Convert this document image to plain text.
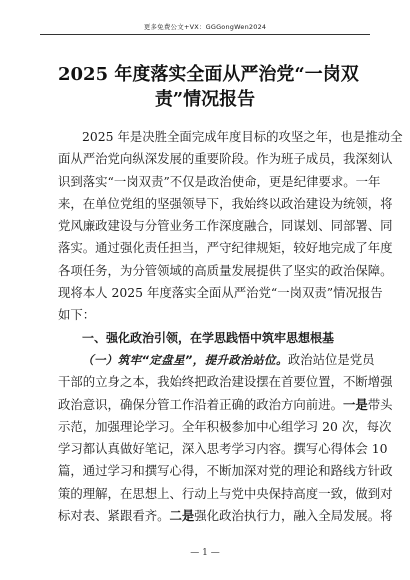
更多免费公文+VX：GGGongWen2024
2025 年度落实全面从严治党“一岗双
责”情况报告
2025 年是决胜全面完成年度目标的攻坚之年，也是推动全
面从严治党向纵深发展的重要阶段。作为班子成员，我深刻认
识到落实“一岗双责”不仅是政治使命，更是纪律要求。一年
来，在单位党组的坚强领导下，我始终以政治建设为统领，将
党风廉政建设与分管业务工作深度融合，同谋划、同部署、同
落实。通过强化责任担当，严守纪律规矩，较好地完成了年度
各项任务，为分管领域的高质量发展提供了坚实的政治保障。
现将本人 2025 年度落实全面从严治党“一岗双责”情况报告
如下：
一、强化政治引领，在学思践悟中筑牢思想根基
（一）筑牢“定盘星”，提升政治站位。政治站位是党员
干部的立身之本，我始终把政治建设摆在首要位置，不断增强
政治意识，确保分管工作沿着正确的政治方向前进。一是带头
示范，加强理论学习。全年积极参加中心组学习 20 次，每次
学习都认真做好笔记，深入思考学习内容。撰写心得体会 10
篇，通过学习和撰写心得，不断加深对党的理论和路线方针政
策的理解，在思想上、行动上与党中央保持高度一致，做到对
标对表、紧跟看齐。二是强化政治执行力，融入全局发展。将
— 1 —
